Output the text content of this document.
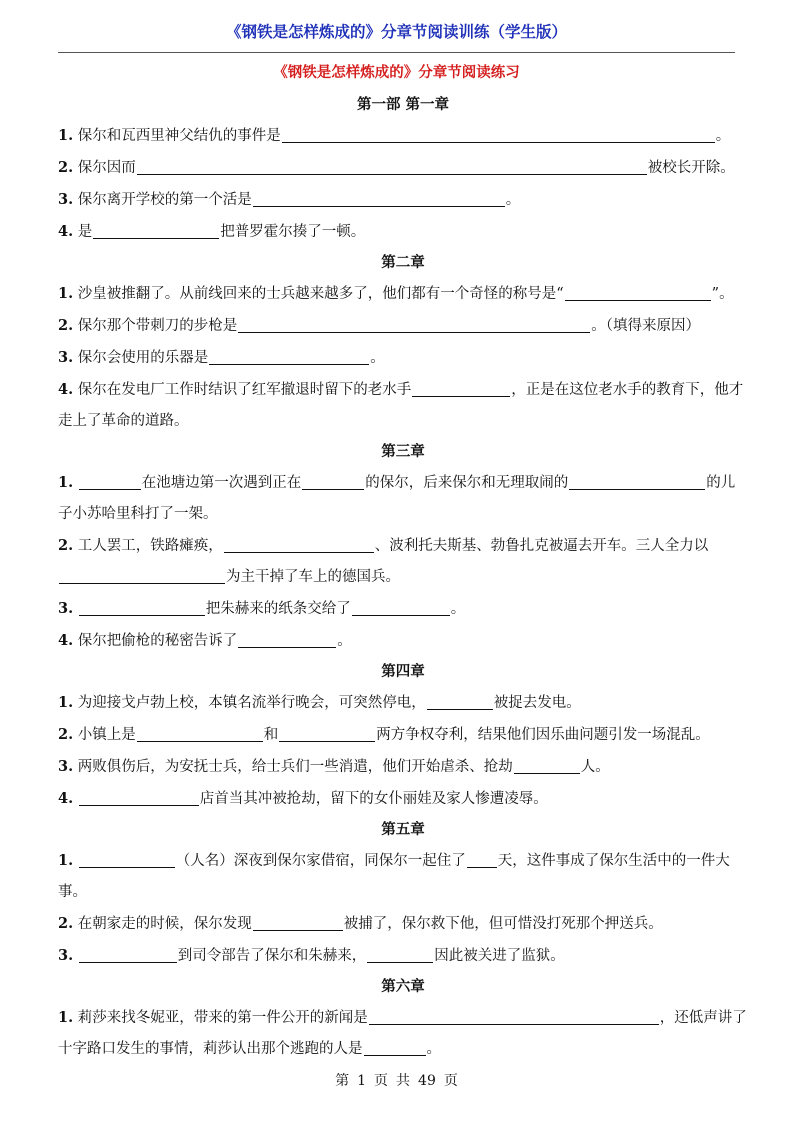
《钢铁是怎样炼成的》分章节阅读训练（学生版）
《钢铁是怎样炼成的》分章节阅读练习
第一部 第一章
1. 保尔和瓦西里神父结仇的事件是	。
2. 保尔因而	被校长开除。
3. 保尔离开学校的第一个活是	。
4. 是	把普罗霍尔揍了一顿。
第二章
1. 沙皇被推翻了。从前线回来的士兵越来越多了，他们都有一个奇怪的称号是“	”。
2. 保尔那个带刺刀的步枪是	。（填得来原因）
3. 保尔会使用的乐器是	。
4. 保尔在发电厂工作时结识了红军撤退时留下的老水手	，正是在这位老水手的教育下，他才走上了革命的道路。
第三章
1.	在池塘边第一次遇到正在	的保尔，后来保尔和无理取闹的	的儿子小苏哈里科打了一架。
2. 工人罢工，铁路瘫痪，	、波利托夫斯基、勃鲁扎克被逼去开车。三人全力以为主干掉了车上的德国兵。
3.	把朱赫来的纸条交给了	。
4. 保尔把偷枪的秘密告诉了	。
第四章
1. 为迎接戈卢勃上校，本镇名流举行晚会，可突然停电，	被捉去发电。
2. 小镇上是	和	两方争权夺利，结果他们因乐曲问题引发一场混乱。
3. 两败俱伤后，为安抚士兵，给士兵们一些消遣，他们开始虐杀、抢劫	人。
4.	店首当其冲被抢劫，留下的女仆丽娃及家人惨遭凌辱。
第五章
1.	（人名）深夜到保尔家借宿，同保尔一起住了 天，这件事成了保尔生活中的一件大事。
2. 在朝家走的时候，保尔发现	被捕了，保尔救下他，但可惜没打死那个押送兵。
3.	到司令部告了保尔和朱赫来，	因此被关进了监狱。
第六章
1. 莉莎来找冬妮亚，带来的第一件公开的新闻是	，还低声讲了十字路口发生的事情，莉莎认出那个逃跑的人是	。
第 1 页 共 49 页
